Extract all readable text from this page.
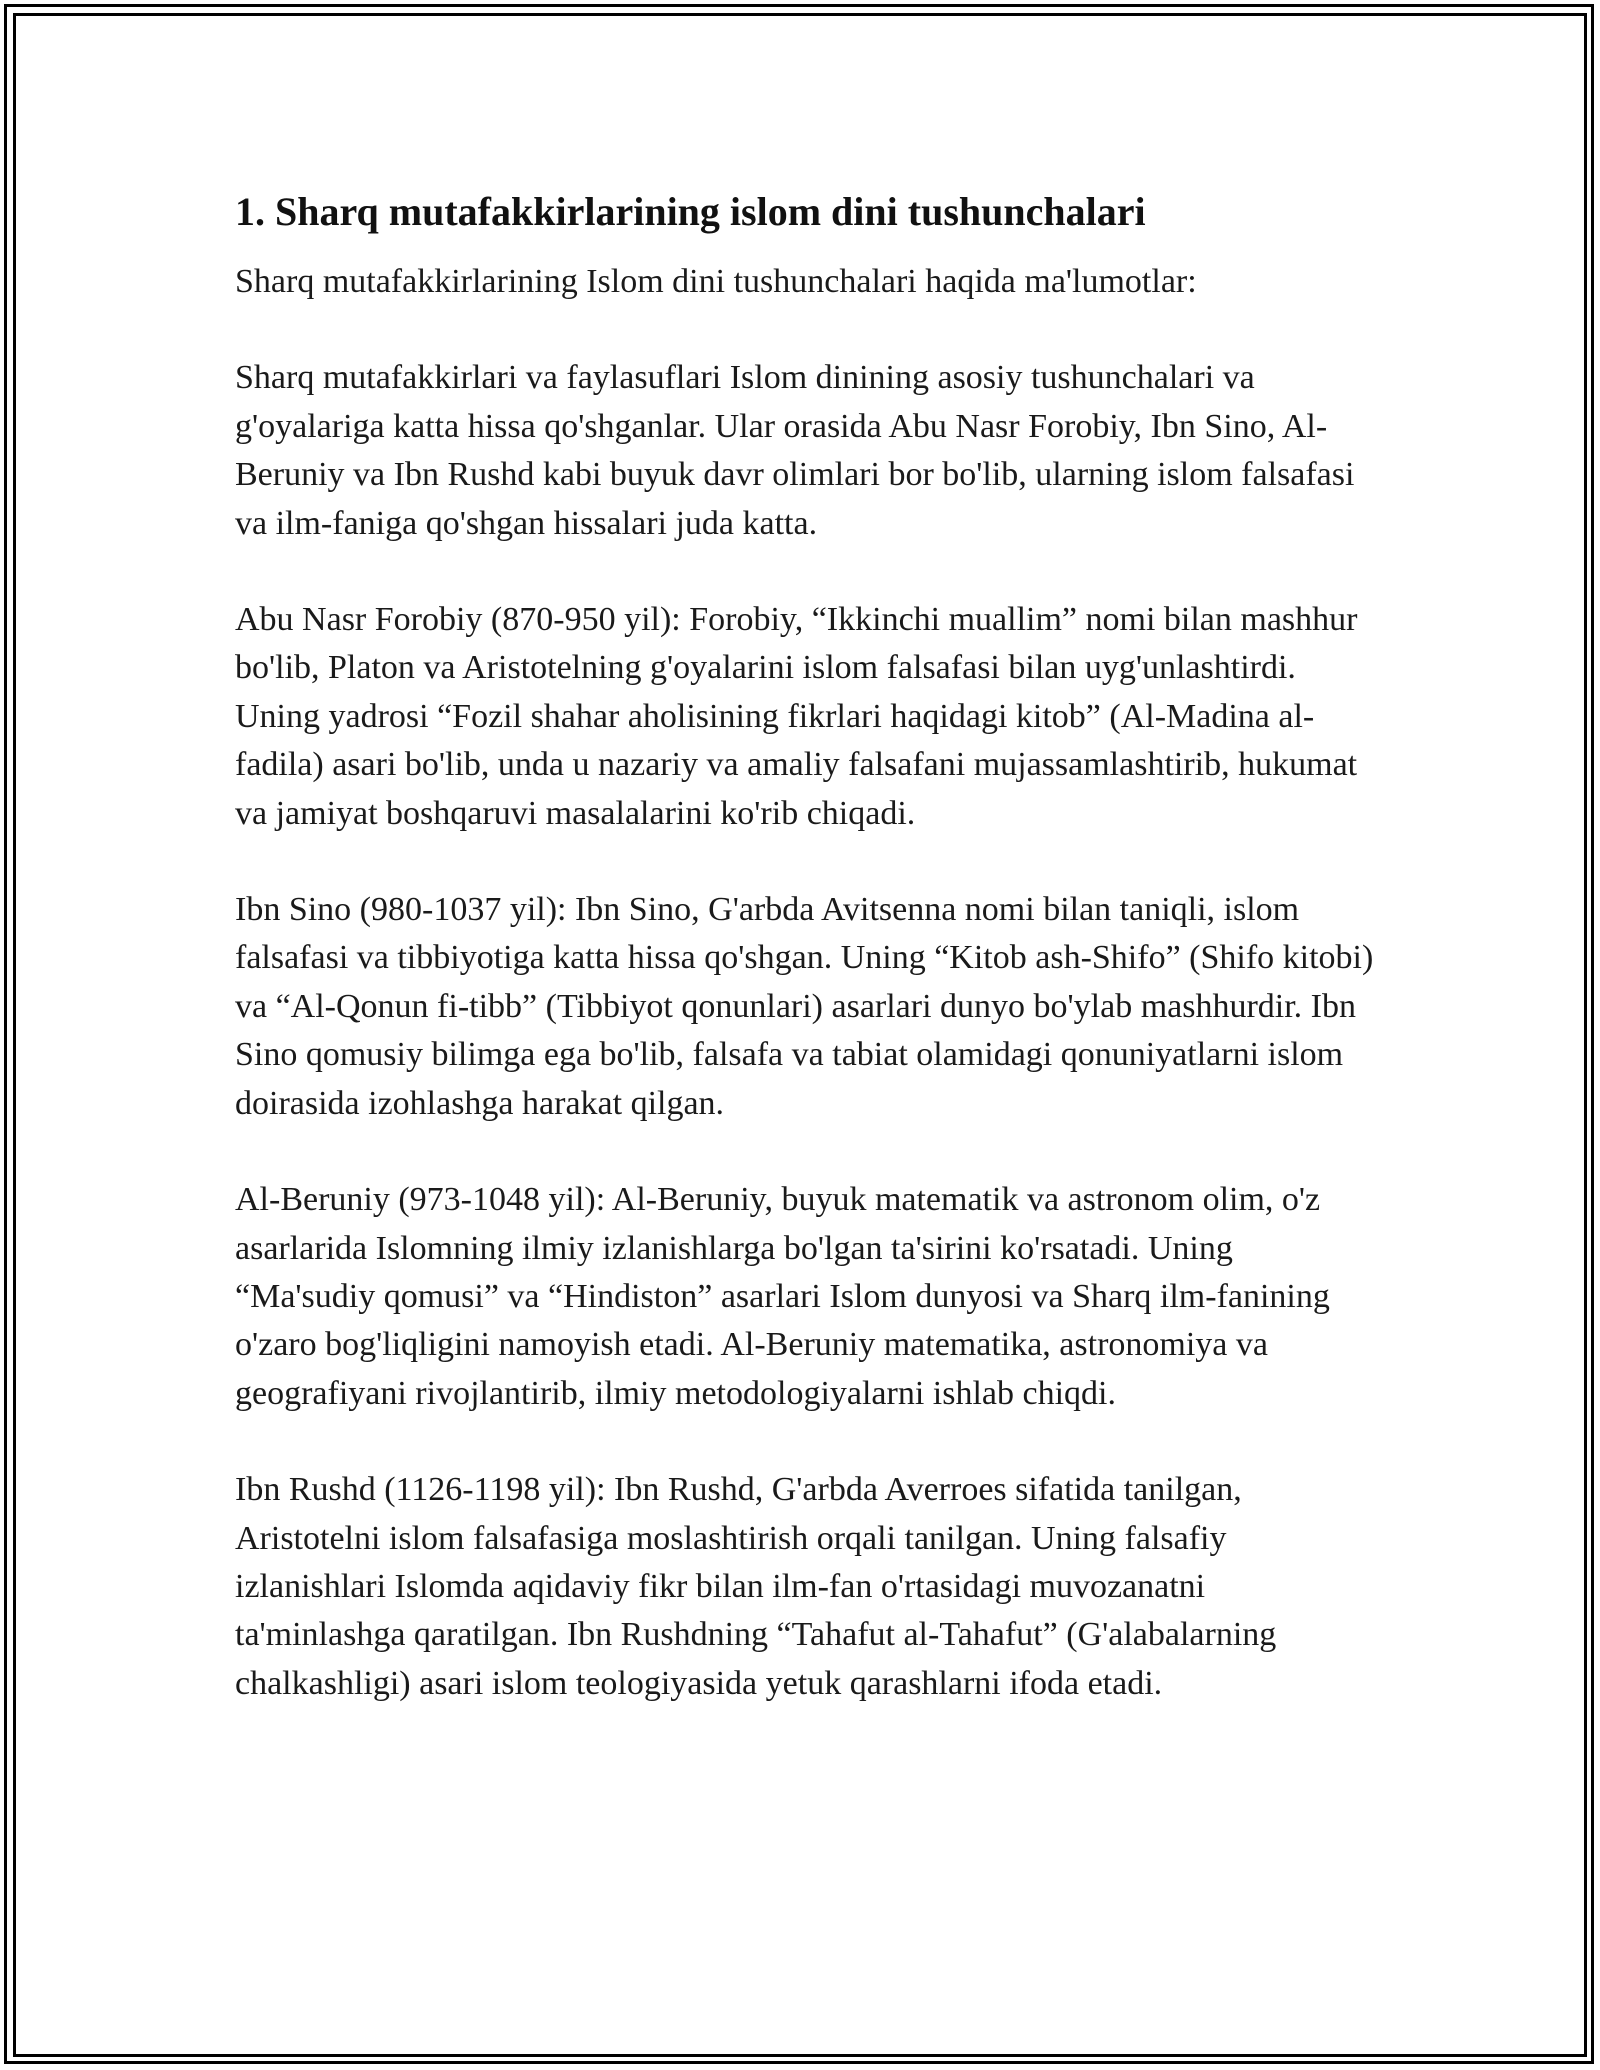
1. Sharq mutafakkirlarining islom dini tushunchalari

Sharq mutafakkirlarining Islom dini tushunchalari haqida ma'lumotlar:

Sharq mutafakkirlari va faylasuflari Islom dinining asosiy tushunchalari va g'oyalariga katta hissa qo'shganlar. Ular orasida Abu Nasr Forobiy, Ibn Sino, Al-Beruniy va Ibn Rushd kabi buyuk davr olimlari bor bo'lib, ularning islom falsafasi va ilm-faniga qo'shgan hissalari juda katta.

Abu Nasr Forobiy (870-950 yil): Forobiy, “Ikkinchi muallim” nomi bilan mashhur bo'lib, Platon va Aristotelning g'oyalarini islom falsafasi bilan uyg'unlashtirdi. Uning yadrosi “Fozil shahar aholisining fikrlari haqidagi kitob” (Al-Madina al-fadila) asari bo'lib, unda u nazariy va amaliy falsafani mujassamlashtirib, hukumat va jamiyat boshqaruvi masalalarini ko'rib chiqadi.

Ibn Sino (980-1037 yil): Ibn Sino, G'arbda Avitsenna nomi bilan taniqli, islom falsafasi va tibbiyotiga katta hissa qo'shgan. Uning “Kitob ash-Shifo” (Shifo kitobi) va “Al-Qonun fi-tibb” (Tibbiyot qonunlari) asarlari dunyo bo'ylab mashhurdir. Ibn Sino qomusiy bilimga ega bo'lib, falsafa va tabiat olamidagi qonuniyatlarni islom doirasida izohlashga harakat qilgan.

Al-Beruniy (973-1048 yil): Al-Beruniy, buyuk matematik va astronom olim, o'z asarlarida Islomning ilmiy izlanishlarga bo'lgan ta'sirini ko'rsatadi. Uning “Ma'sudiy qomusi” va “Hindiston” asarlari Islom dunyosi va Sharq ilm-fanining o'zaro bog'liqligini namoyish etadi. Al-Beruniy matematika, astronomiya va geografiyani rivojlantirib, ilmiy metodologiyalarni ishlab chiqdi.

Ibn Rushd (1126-1198 yil): Ibn Rushd, G'arbda Averroes sifatida tanilgan, Aristotelni islom falsafasiga moslashtirish orqali tanilgan. Uning falsafiy izlanishlari Islomda aqidaviy fikr bilan ilm-fan o'rtasidagi muvozanatni ta'minlashga qaratilgan. Ibn Rushdning “Tahafut al-Tahafut” (G'alabalarning chalkashligi) asari islom teologiyasida yetuk qarashlarni ifoda etadi.
